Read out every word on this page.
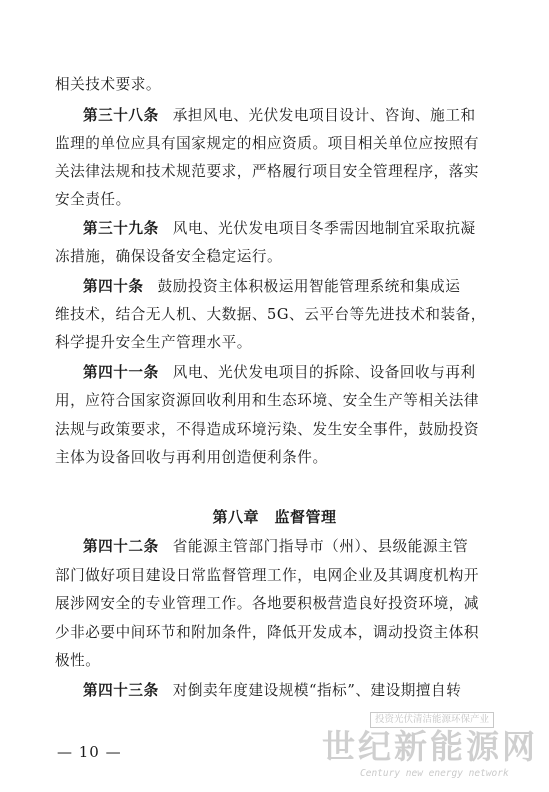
相关技术要求。
第三十八条 承担风电、光伏发电项目设计、咨询、施工和
监理的单位应具有国家规定的相应资质。项目相关单位应按照有
关法律法规和技术规范要求，严格履行项目安全管理程序，落实
安全责任。
第三十九条 风电、光伏发电项目冬季需因地制宜采取抗凝
冻措施，确保设备安全稳定运行。
第四十条 鼓励投资主体积极运用智能管理系统和集成运
维技术，结合无人机、大数据、5G、云平台等先进技术和装备，
科学提升安全生产管理水平。
第四十一条 风电、光伏发电项目的拆除、设备回收与再利
用，应符合国家资源回收利用和生态环境、安全生产等相关法律
法规与政策要求，不得造成环境污染、发生安全事件，鼓励投资
主体为设备回收与再利用创造便利条件。
第八章　监督管理
第四十二条 省能源主管部门指导市（州）、县级能源主管
部门做好项目建设日常监督管理工作，电网企业及其调度机构开
展涉网安全的专业管理工作。各地要积极营造良好投资环境，减
少非必要中间环节和附加条件，降低开发成本，调动投资主体积
极性。
第四十三条 对倒卖年度建设规模“指标”、建设期擅自转
— 10 —
投资光伏清洁能源环保产业
世纪新能源网
Century new energy network
